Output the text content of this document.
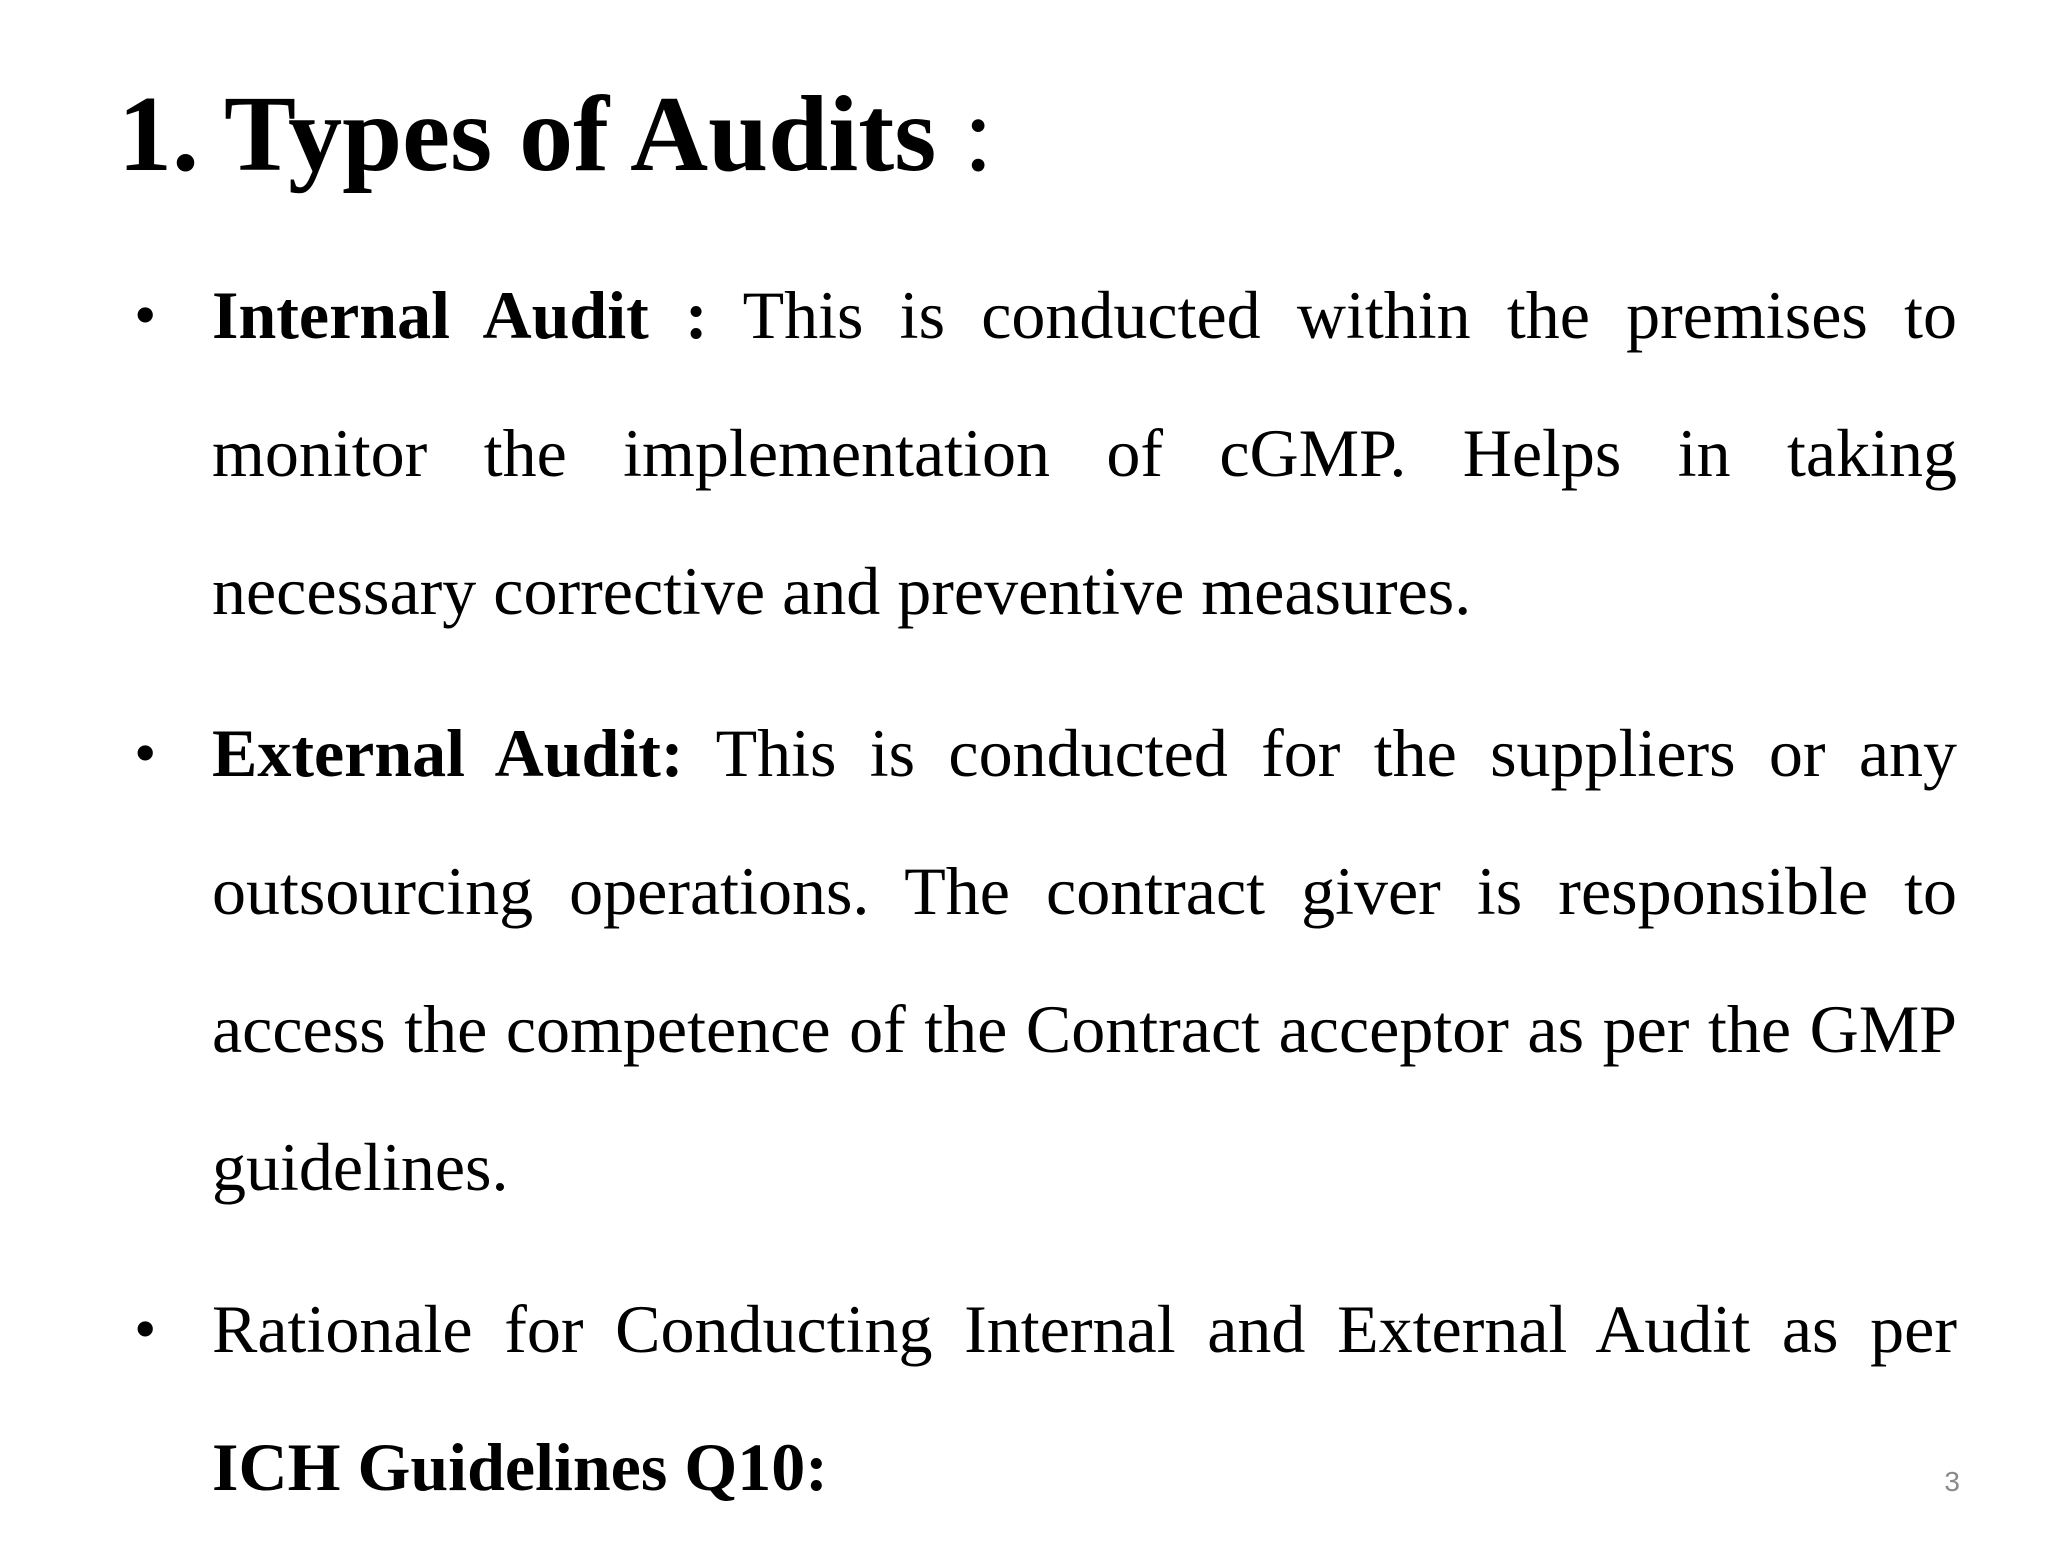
1. Types of Audits :
• Internal Audit : This is conducted within the premises to monitor the implementation of cGMP. Helps in taking necessary corrective and preventive measures.
• External Audit: This is conducted for the suppliers or any outsourcing operations. The contract giver is responsible to access the competence of the Contract acceptor as per the GMP guidelines.
• Rationale for Conducting Internal and External Audit as per ICH Guidelines Q10:	3
